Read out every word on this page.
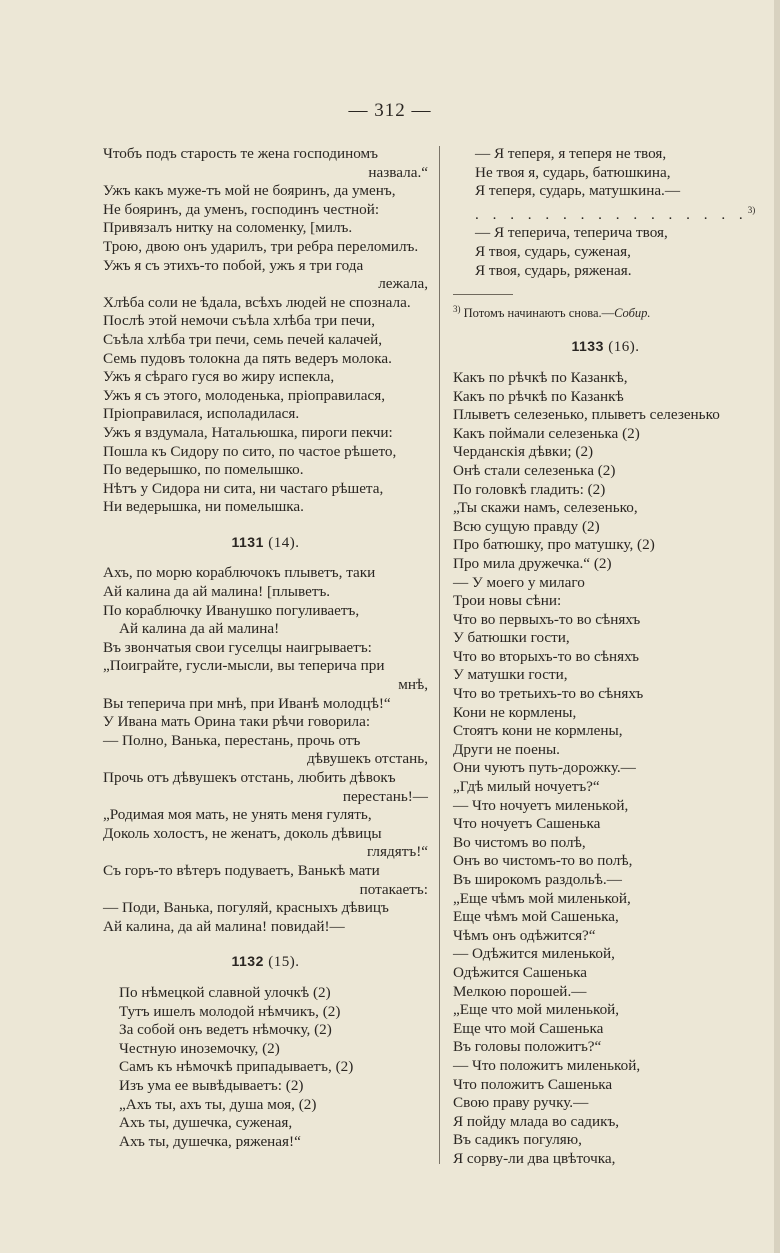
— 312 —
Чтобъ подъ старость те жена господиномъ
назвала.“
Ужъ какъ муже-тъ мой не бояринъ, да уменъ,
Не бояринъ, да уменъ, господинъ честной:
Привязалъ нитку на соломенку, [милъ.
Трою, двою онъ ударилъ, три ребра переломилъ.
Ужъ я съ этихъ-то побой, ужъ я три года
лежала,
Хлѣба соли не ѣдала, всѣхъ людей не спознала.
Послѣ этой немочи съѣла хлѣба три печи,
Съѣла хлѣба три печи, семь печей калачей,
Семь пудовъ толокна да пять ведеръ молока.
Ужъ я сѣраго гуся во жиру испекла,
Ужъ я съ этого, молоденька, пріоправилася,
Пріоправилася, исполадилася.
Ужъ я вздумала, Натальюшка, пироги пекчи:
Пошла къ Сидору по сито, по частое рѣшето,
По ведерышко, по помелышко.
Нѣтъ у Сидора ни сита, ни частаго рѣшета,
Ни ведерышка, ни помелышка.
1131 (14).
Ахъ, по морю кораблючокъ плыветъ, таки
Ай калина да ай малина! [плыветъ.
По кораблючку Иванушко погуливаетъ,
Ай калина да ай малина!
Въ звончатыя свои гуселцы наигрываетъ:
„Поиграйте, гусли-мысли, вы теперича при
мнѣ,
Вы теперича при мнѣ, при Иванѣ молодцѣ!“
У Ивана мать Орина таки рѣчи говорила:
— Полно, Ванька, перестань, прочь отъ
дѣвушекъ отстань,
Прочь отъ дѣвушекъ отстань, любить дѣвокъ
перестань!—
„Родимая моя мать, не унять меня гулять,
Доколь холостъ, не женатъ, доколь дѣвицы
глядятъ!“
Съ горъ-то вѣтеръ подуваетъ, Ванькѣ мати
потакаетъ:
— Поди, Ванька, погуляй, красныхъ дѣвицъ
Ай калина, да ай малина! повидай!—
1132 (15).
По нѣмецкой славной улочкѣ (2)
Тутъ ишелъ молодой нѣмчикъ, (2)
За собой онъ ведетъ нѣмочку, (2)
Честную иноземочку, (2)
Самъ къ нѣмочкѣ припадываетъ, (2)
Изъ ума ее вывѣдываетъ: (2)
„Ахъ ты, ахъ ты, душа моя, (2)
Ахъ ты, душечка, суженая,
Ахъ ты, душечка, ряженая!“
— Я теперя, я теперя не твоя,
Не твоя я, сударь, батюшкина,
Я теперя, сударь, матушкина.—
. . . . . . . . . . . . . . . .$^{3)}$
— Я теперича, теперича твоя,
Я твоя, сударь, суженая,
Я твоя, сударь, ряженая.
$^{3)}$ Потомъ начинаютъ снова.—Собир.
1133 (16).
Какъ по рѣчкѣ по Казанкѣ,
Какъ по рѣчкѣ по Казанкѣ
Плыветъ селезенько, плыветъ селезенько
Какъ поймали селезенька (2)
Черданскія дѣвки; (2)
Онѣ стали селезенька (2)
По головкѣ гладить: (2)
„Ты скажи намъ, селезенько,
Всю сущую правду (2)
Про батюшку, про матушку, (2)
Про мила дружечка.“ (2)
— У моего у милаго
Трои новы сѣни:
Что во первыхъ-то во сѣняхъ
У батюшки гости,
Что во вторыхъ-то во сѣняхъ
У матушки гости,
Что во третьихъ-то во сѣняхъ
Кони не кормлены,
Стоятъ кони не кормлены,
Други не поены.
Они чуютъ путь-дорожку.—
„Гдѣ милый ночуетъ?“
— Что ночуетъ миленькой,
Что ночуетъ Сашенька
Во чистомъ во полѣ,
Онъ во чистомъ-то во полѣ,
Въ широкомъ раздольѣ.—
„Еще чѣмъ мой миленькой,
Еще чѣмъ мой Сашенька,
Чѣмъ онъ одѣжится?“
— Одѣжится миленькой,
Одѣжится Сашенька
Мелкою порошей.—
„Еще что мой миленькой,
Еще что мой Сашенька
Въ головы положитъ?“
— Что положитъ миленькой,
Что положитъ Сашенька
Свою праву ручку.—
Я пойду млада во садикъ,
Въ садикъ погуляю,
Я сорву-ли два цвѣточка,
